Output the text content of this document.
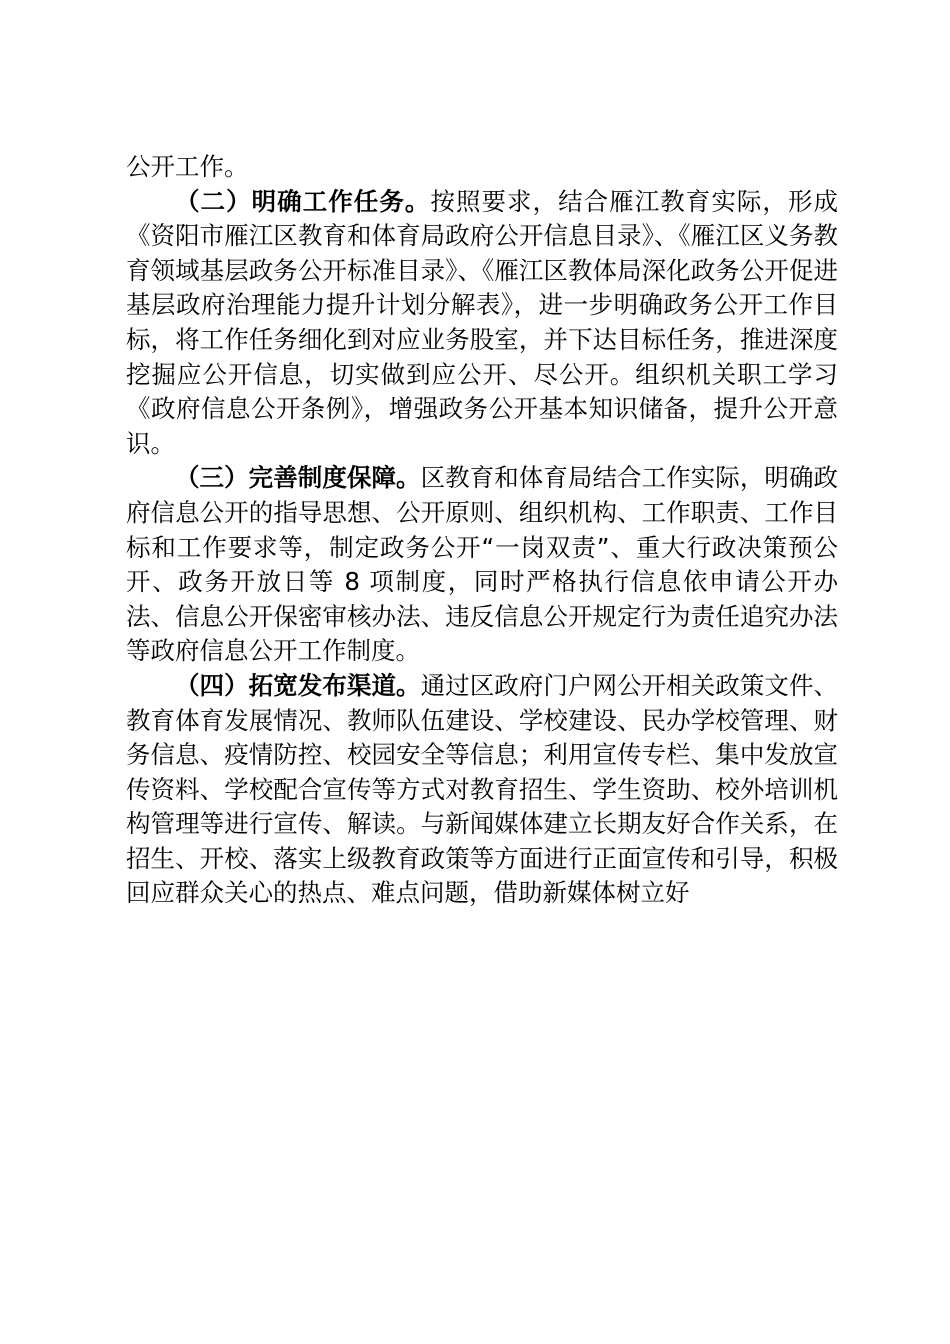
公开工作。

（二）明确工作任务。按照要求，结合雁江教育实际，形成《资阳市雁江区教育和体育局政府公开信息目录》、《雁江区义务教育领域基层政务公开标准目录》、《雁江区教体局深化政务公开促进基层政府治理能力提升计划分解表》，进一步明确政务公开工作目标，将工作任务细化到对应业务股室，并下达目标任务，推进深度挖掘应公开信息，切实做到应公开、尽公开。组织机关职工学习《政府信息公开条例》，增强政务公开基本知识储备，提升公开意识。

（三）完善制度保障。区教育和体育局结合工作实际，明确政府信息公开的指导思想、公开原则、组织机构、工作职责、工作目标和工作要求等，制定政务公开“一岗双责”、重大行政决策预公开、政务开放日等 8 项制度，同时严格执行信息依申请公开办法、信息公开保密审核办法、违反信息公开规定行为责任追究办法等政府信息公开工作制度。

（四）拓宽发布渠道。通过区政府门户网公开相关政策文件、教育体育发展情况、教师队伍建设、学校建设、民办学校管理、财务信息、疫情防控、校园安全等信息；利用宣传专栏、集中发放宣传资料、学校配合宣传等方式对教育招生、学生资助、校外培训机构管理等进行宣传、解读。与新闻媒体建立长期友好合作关系，在招生、开校、落实上级教育政策等方面进行正面宣传和引导，积极回应群众关心的热点、难点问题，借助新媒体树立好
